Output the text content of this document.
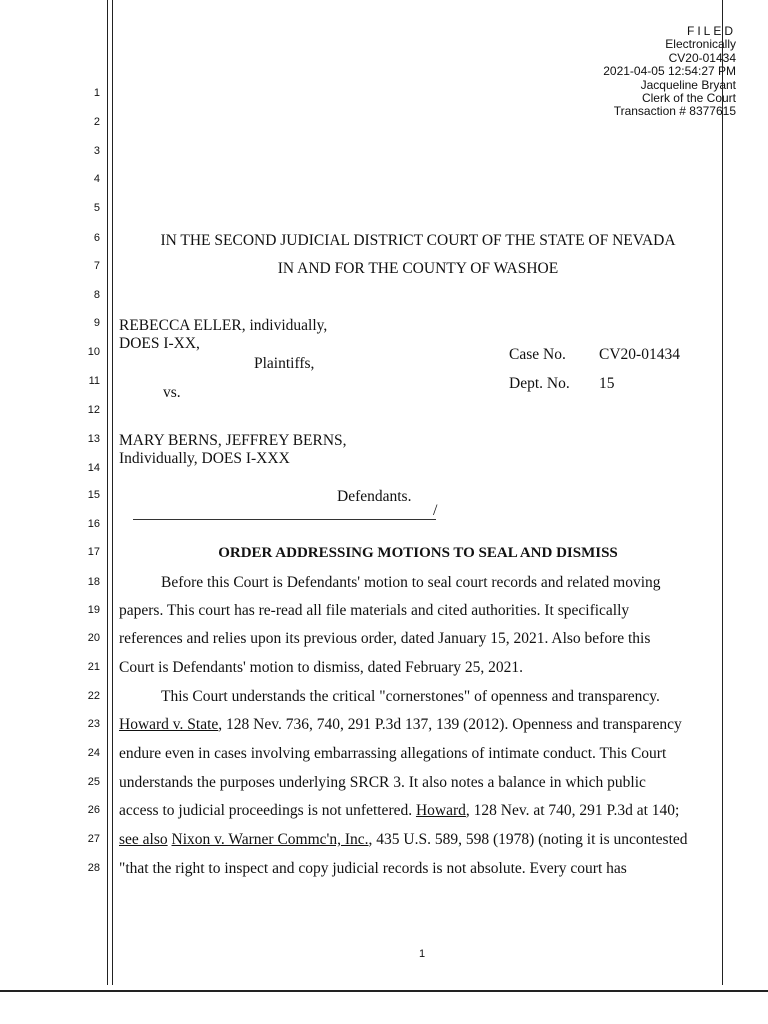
FILED
Electronically
CV20-01434
2021-04-05 12:54:27 PM
Jacqueline Bryant
Clerk of the Court
Transaction # 8377615
1
2
3
4
5
6
7
8
9
10
11
12
13
14
15
16
17
18
19
20
21
22
23
24
25
26
27
28
IN THE SECOND JUDICIAL DISTRICT COURT OF THE STATE OF NEVADA
IN AND FOR THE COUNTY OF WASHOE
REBECCA ELLER, individually,
DOES I-XX,
Plaintiffs,
vs.
Case No. CV20-01434
Dept. No. 15
MARY BERNS, JEFFREY BERNS,
Individually, DOES I-XXX
Defendants.
/
ORDER ADDRESSING MOTIONS TO SEAL AND DISMISS
Before this Court is Defendants' motion to seal court records and related moving
papers. This court has re-read all file materials and cited authorities. It specifically
references and relies upon its previous order, dated January 15, 2021. Also before this
Court is Defendants' motion to dismiss, dated February 25, 2021.
This Court understands the critical "cornerstones" of openness and transparency.
Howard v. State, 128 Nev. 736, 740, 291 P.3d 137, 139 (2012). Openness and transparency
endure even in cases involving embarrassing allegations of intimate conduct. This Court
understands the purposes underlying SRCR 3. It also notes a balance in which public
access to judicial proceedings is not unfettered. Howard, 128 Nev. at 740, 291 P.3d at 140;
see also Nixon v. Warner Commc'n, Inc., 435 U.S. 589, 598 (1978) (noting it is uncontested
"that the right to inspect and copy judicial records is not absolute. Every court has
1
